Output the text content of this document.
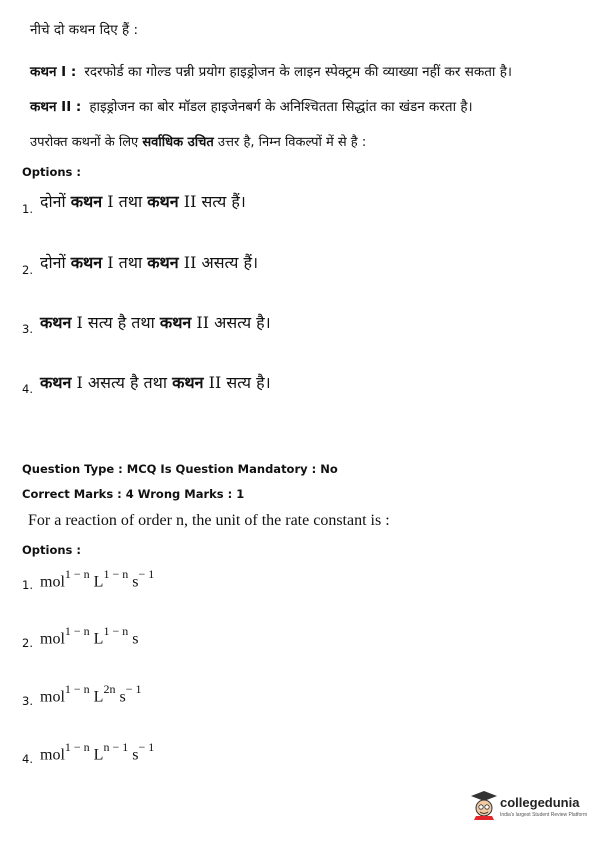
नीचे दो कथन दिए हैं :
कथन I : रदरफोर्ड का गोल्ड पन्नी प्रयोग हाइड्रोजन के लाइन स्पेक्ट्रम की व्याख्या नहीं कर सकता है।
कथन II : हाइड्रोजन का बोर मॉडल हाइजेनबर्ग के अनिश्चितता सिद्धांत का खंडन करता है।
उपरोक्त कथनों के लिए सर्वाधिक उचित उत्तर है, निम्न विकल्पों में से है :
Options :
1. दोनों कथन I तथा कथन II सत्य हैं।
2. दोनों कथन I तथा कथन II असत्य हैं।
3. कथन I सत्य है तथा कथन II असत्य है।
4. कथन I असत्य है तथा कथन II सत्य है।
Question Type : MCQ Is Question Mandatory : No
Correct Marks : 4 Wrong Marks : 1
For a reaction of order n, the unit of the rate constant is :
Options :
1. mol$^{1 - n}$ $L^{1 - n}$ $s^{- 1}$
2. mol$^{1 - n}$ $L^{1 - n}$ s
3. mol$^{1 - n}$ $L^{2n}$ $s^{- 1}$
4. mol$^{1 - n}$ $L^{n - 1}$ $s^{- 1}$
collegedunia
India's largest Student Review Platform
